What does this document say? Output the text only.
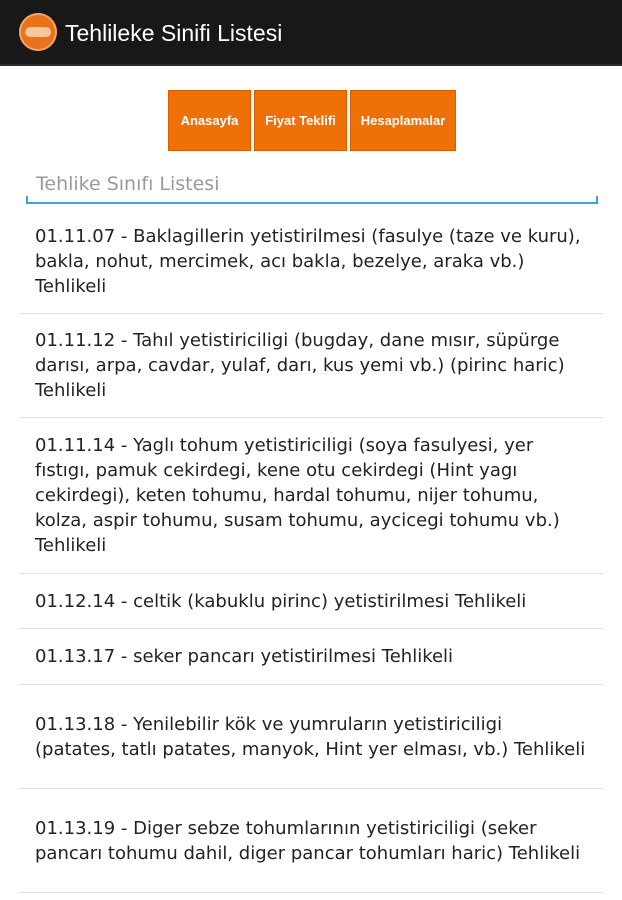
Tehlileke Sinifi Listesi
Anasayfa	Fiyat Teklifi	Hesaplamalar
Tehlike Sınıfı Listesi
01.11.07 - Baklagillerin yetistirilmesi (fasulye (taze ve kuru), bakla, nohut, mercimek, acı bakla, bezelye, araka vb.) Tehlikeli
01.11.12 - Tahıl yetistiriciligi (bugday, dane mısır, süpürge darısı, arpa, cavdar, yulaf, darı, kus yemi vb.) (pirinc haric) Tehlikeli
01.11.14 - Yaglı tohum yetistiriciligi (soya fasulyesi, yer fıstıgı, pamuk cekirdegi, kene otu cekirdegi (Hint yagı cekirdegi), keten tohumu, hardal tohumu, nijer tohumu, kolza, aspir tohumu, susam tohumu, aycicegi tohumu vb.) Tehlikeli
01.12.14 - celtik (kabuklu pirinc) yetistirilmesi Tehlikeli
01.13.17 - seker pancarı yetistirilmesi Tehlikeli
01.13.18 - Yenilebilir kök ve yumruların yetistiriciligi (patates, tatlı patates, manyok, Hint yer elması, vb.) Tehlikeli
01.13.19 - Diger sebze tohumlarının yetistiriciligi (seker pancarı tohumu dahil, diger pancar tohumları haric) Tehlikeli
